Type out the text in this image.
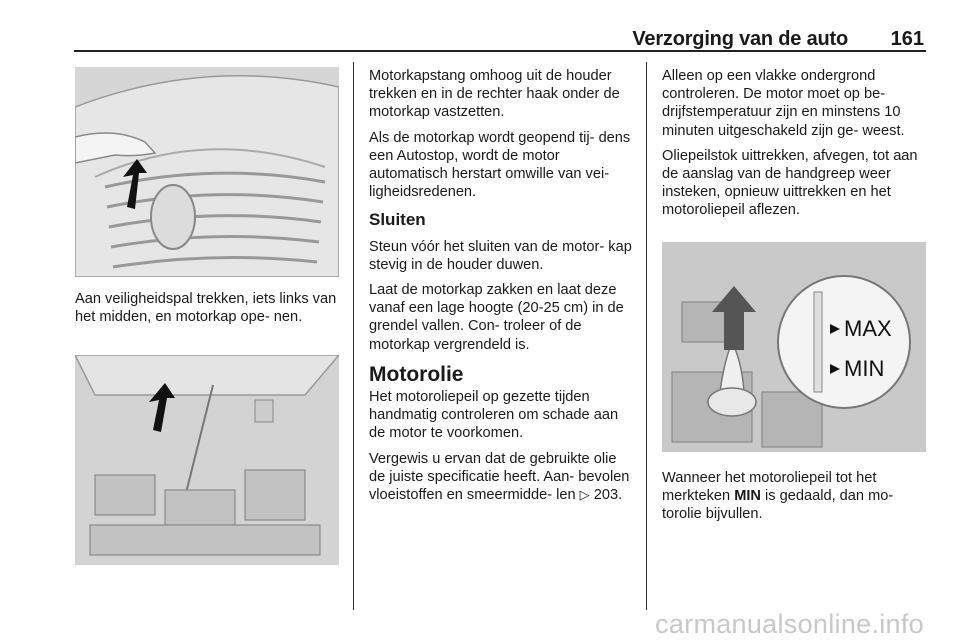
Verzorging van de auto 161

Aan veiligheidspal trekken, iets links van het midden, en motorkap ope- nen.

Motorkapstang omhoog uit de houder trekken en in de rechter haak onder de motorkap vastzetten.

Als de motorkap wordt geopend tij- dens een Autostop, wordt de motor automatisch herstart omwille van vei- ligheidsredenen.

Sluiten

Steun vóór het sluiten van de motor- kap stevig in de houder duwen.

Laat de motorkap zakken en laat deze vanaf een lage hoogte (20-25 cm) in de grendel vallen. Con- troleer of de motorkap vergrendeld is.

Motorolie

Het motoroliepeil op gezette tijden handmatig controleren om schade aan de motor te voorkomen.

Vergewis u ervan dat de gebruikte olie de juiste specificatie heeft. Aan- bevolen vloeistoffen en smeermidde- len ▷ 203.

Alleen op een vlakke ondergrond controleren. De motor moet op be- drijfstemperatuur zijn en minstens 10 minuten uitgeschakeld zijn ge- weest.

Oliepeilstok uittrekken, afvegen, tot aan de aanslag van de handgreep weer insteken, opnieuw uittrekken en het motoroliepeil aflezen.

MAX
MIN

Wanneer het motoroliepeil tot het merkteken MIN is gedaald, dan mo- torolie bijvullen.

carmanualsonline.info
